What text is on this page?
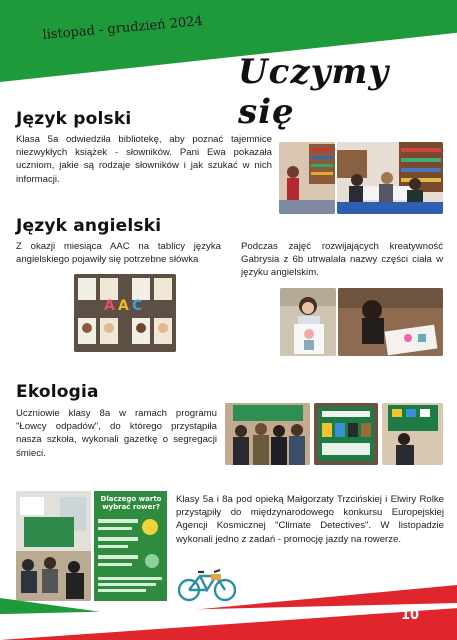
listopad - grudzień 2024
Uczymy się
Język polski

Klasa 5a odwiedziła bibliotekę, aby poznać tajemnice niezwykłych książek - słowników. Pani Ewa pokazała uczniom, jakie są rodzaje słowników i jak szukać w nich informacji.

Język angielski

Z okazji miesiąca AAC na tablicy języka angielskiego pojawiły się potrzebne słówka

Podczas zajęć rozwijających kreatywność Gabrysia z 6b utrwalała nazwy części ciała w języku angielskim.

A A C
Ekologia

Uczniowie klasy 8a w ramach programu "Łowcy odpadów", do którego przystąpiła nasza szkoła, wykonali gazetkę o segregacji śmieci.

Dlaczego warto wybrać rower?

Klasy 5a i 8a pod opieką Małgorzaty Trzcińskiej i Elwiry Rolke przystąpiły do międzynarodowego konkursu Europejskiej Agencji Kosmicznej "Climate Detectives". W listopadzie wykonali jedno z zadań - promocję jazdy na rowerze.

10
